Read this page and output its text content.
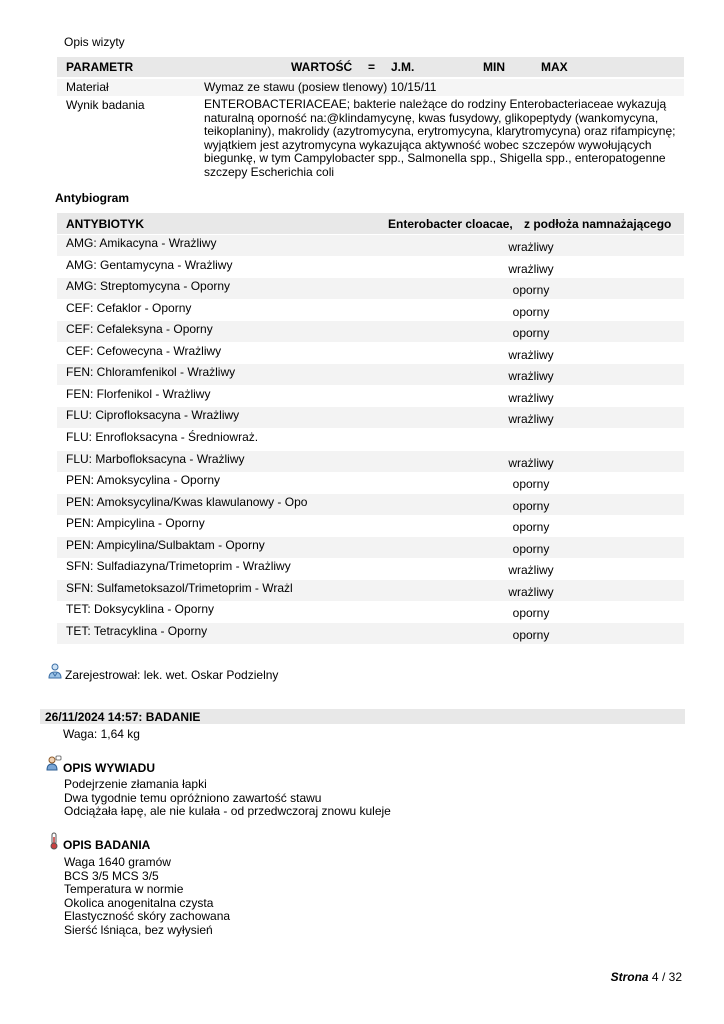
Opis wizyty
PARAMETR	WARTOŚĆ = J.M.	MIN	MAX
Materiał	Wymaz ze stawu (posiew tlenowy) 10/15/11
Wynik badania	ENTEROBACTERIACEAE; bakterie należące do rodziny Enterobacteriaceae wykazują
naturalną oporność na:@klindamycynę, kwas fusydowy, glikopeptydy (wankomycyna,
teikoplaniny), makrolidy (azytromycyna, erytromycyna, klarytromycyna) oraz rifampicynę;
wyjątkiem jest azytromycyna wykazująca aktywność wobec szczepów wywołujących
biegunkę, w tym Campylobacter spp., Salmonella spp., Shigella spp., enteropatogenne
szczepy Escherichia coli
Antybiogram
ANTYBIOTYK	Enterobacter cloacae, z podłoża namnażającego
AMG: Amikacyna - Wrażliwy	wrażliwy
AMG: Gentamycyna - Wrażliwy	wrażliwy
AMG: Streptomycyna - Oporny	oporny
CEF: Cefaklor - Oporny	oporny
CEF: Cefaleksyna - Oporny	oporny
CEF: Cefowecyna - Wrażliwy	wrażliwy
FEN: Chloramfenikol - Wrażliwy	wrażliwy
FEN: Florfenikol - Wrażliwy	wrażliwy
FLU: Ciprofloksacyna - Wrażliwy	wrażliwy
FLU: Enrofloksacyna - Średniowraż.
FLU: Marbofloksacyna - Wrażliwy	wrażliwy
PEN: Amoksycylina - Oporny	oporny
PEN: Amoksycylina/Kwas klawulanowy - Opo	oporny
PEN: Ampicylina - Oporny	oporny
PEN: Ampicylina/Sulbaktam - Oporny	oporny
SFN: Sulfadiazyna/Trimetoprim - Wrażliwy	wrażliwy
SFN: Sulfametoksazol/Trimetoprim - Wrażl	wrażliwy
TET: Doksycyklina - Oporny	oporny
TET: Tetracyklina - Oporny	oporny
Zarejestrował: lek. wet. Oskar Podzielny
26/11/2024 14:57: BADANIE
Waga: 1,64 kg
OPIS WYWIADU
Podejrzenie złamania łapki
Dwa tygodnie temu opróżniono zawartość stawu
Odciążała łapę, ale nie kulała - od przedwczoraj znowu kuleje
OPIS BADANIA
Waga 1640 gramów
BCS 3/5 MCS 3/5
Temperatura w normie
Okolica anogenitalna czysta
Elastyczność skóry zachowana
Sierść lśniąca, bez wyłysień
Strona 4 / 32
